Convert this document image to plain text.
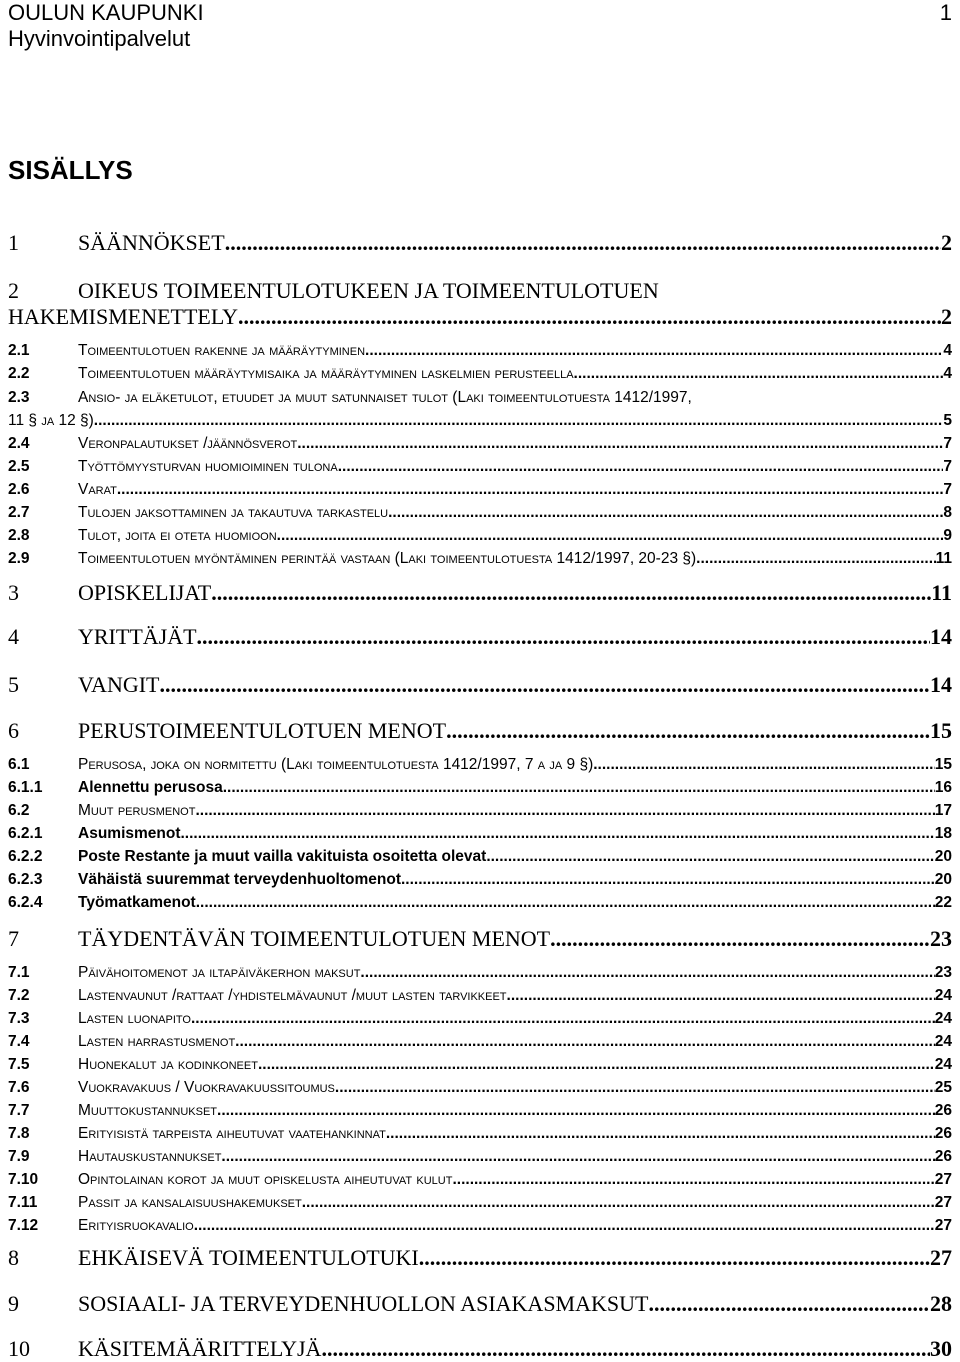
OULUN KAUPUNKI
Hyvinvointipalvelut
1
SISÄLLYS
1	SÄÄNNÖKSET .....	2
2	OIKEUS TOIMEENTULOTUKEEN JA TOIMEENTULOTUEN
HAKEMISMENETTELY .....	2
2.1	Toimeentulotuen rakenne ja määräytyminen .....	4
2.2	Toimeentulotuen määräytymisaika ja määräytyminen laskelmien perusteella .....	4
2.3	Ansio- ja eläketulot, etuudet ja muut satunnaiset tulot (Laki toimeentulotuesta 1412/1997,
11 § ja 12 §) .....	5
2.4	Veronpalautukset /jäännösverot .....	7
2.5	Työttömyysturvan huomioiminen tulona .....	7
2.6	Varat .....	7
2.7	Tulojen jaksottaminen ja takautuva tarkastelu .....	8
2.8	Tulot, joita ei oteta huomioon .....	9
2.9	Toimeentulotuen myöntäminen perintää vastaan (Laki toimeentulotuesta 1412/1997, 20-23 §) .....	11
3	OPISKELIJAT .....	11
4	YRITTÄJÄT .....	14
5	VANGIT .....	14
6	PERUSTOIMEENTULOTUEN MENOT .....	15
6.1	Perusosa, joka on normitettu (Laki toimeentulotuesta 1412/1997, 7 a ja 9 §) .....	15
6.1.1	Alennettu perusosa .....	16
6.2	Muut perusmenot .....	17
6.2.1	Asumismenot .....	18
6.2.2	Poste Restante ja muut vailla vakituista osoitetta olevat .....	20
6.2.3	Vähäistä suuremmat terveydenhuoltomenot .....	20
6.2.4	Työmatkamenot .....	22
7	TÄYDENTÄVÄN TOIMEENTULOTUEN MENOT .....	23
7.1	Päivähoitomenot ja iltapäiväkerhon maksut .....	23
7.2	Lastenvaunut /rattaat /yhdistelmävaunut /muut lasten tarvikkeet .....	24
7.3	Lasten luonapito .....	24
7.4	Lasten harrastusmenot .....	24
7.5	Huonekalut ja kodinkoneet .....	24
7.6	Vuokravakuus / Vuokravakuussitoumus .....	25
7.7	Muuttokustannukset .....	26
7.8	Erityisistä tarpeista aiheutuvat vaatehankinnat .....	26
7.9	Hautauskustannukset .....	26
7.10	Opintolainan korot ja muut opiskelusta aiheutuvat kulut .....	27
7.11	Passit ja kansalaisuushakemukset .....	27
7.12	Erityisruokavalio .....	27
8	EHKÄISEVÄ TOIMEENTULOTUKI .....	27
9	SOSIAALI- JA TERVEYDENHUOLLON ASIAKASMAKSUT .....	28
10	KÄSITEMÄÄRITTELYJÄ .....	30
